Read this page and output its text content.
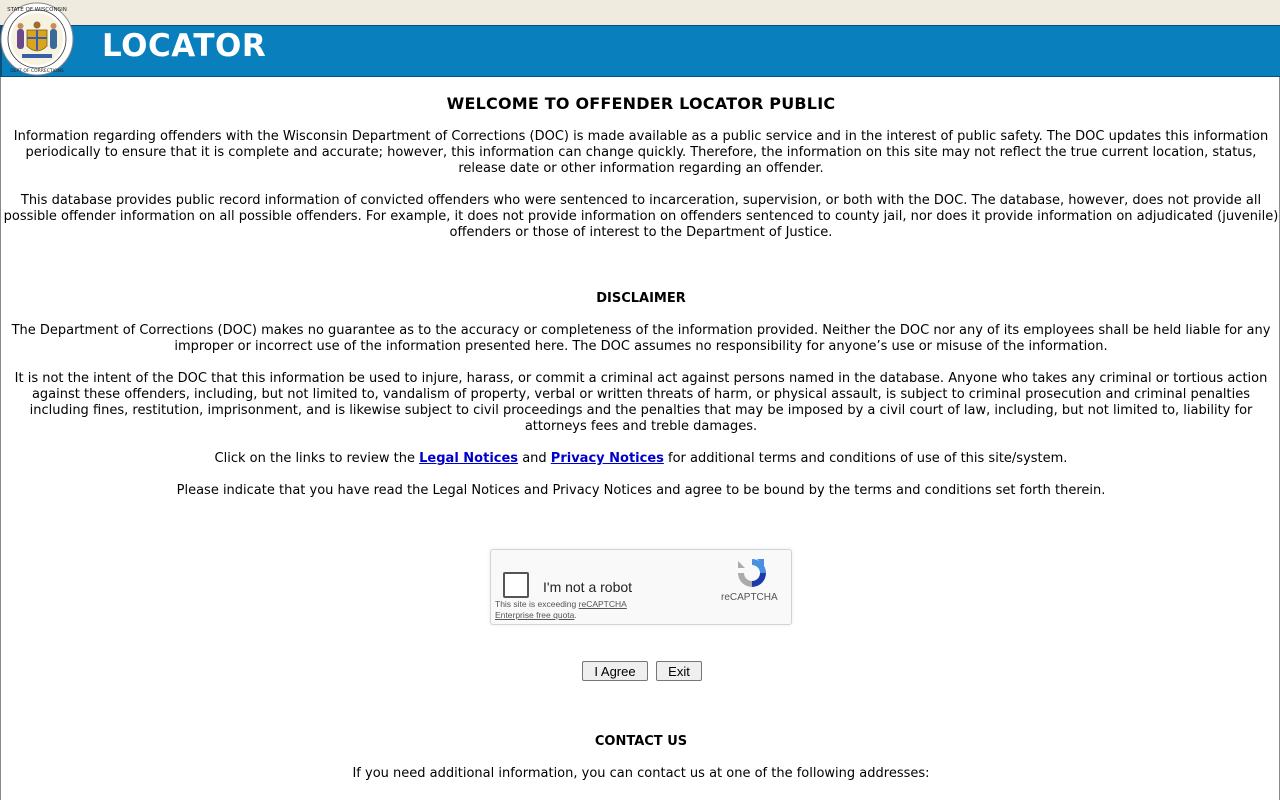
LOCATOR
STATE OF WISCONSIN
DEPT OF CORRECTIONS
WELCOME TO OFFENDER LOCATOR PUBLIC

Information regarding offenders with the Wisconsin Department of Corrections (DOC) is made available as a public service and in the interest of public safety. The DOC updates this information periodically to ensure that it is complete and accurate; however, this information can change quickly. Therefore, the information on this site may not reflect the true current location, status, release date or other information regarding an offender.

This database provides public record information of convicted offenders who were sentenced to incarceration, supervision, or both with the DOC. The database, however, does not provide all possible offender information on all possible offenders. For example, it does not provide information on offenders sentenced to county jail, nor does it provide information on adjudicated (juvenile) offenders or those of interest to the Department of Justice.

DISCLAIMER

The Department of Corrections (DOC) makes no guarantee as to the accuracy or completeness of the information provided. Neither the DOC nor any of its employees shall be held liable for any improper or incorrect use of the information presented here. The DOC assumes no responsibility for anyone’s use or misuse of the information.

It is not the intent of the DOC that this information be used to injure, harass, or commit a criminal act against persons named in the database. Anyone who takes any criminal or tortious action against these offenders, including, but not limited to, vandalism of property, verbal or written threats of harm, or physical assault, is subject to criminal prosecution and criminal penalties including fines, restitution, imprisonment, and is likewise subject to civil proceedings and the penalties that may be imposed by a civil court of law, including, but not limited to, liability for attorneys fees and treble damages.

Click on the links to review the Legal Notices and Privacy Notices for additional terms and conditions of use of this site/system.

Please indicate that you have read the Legal Notices and Privacy Notices and agree to be bound by the terms and conditions set forth therein.

I'm not a robot
reCAPTCHA
This site is exceeding reCAPTCHA
Enterprise free quota.
I Agree	Exit
CONTACT US

If you need additional information, you can contact us at one of the following addresses:
